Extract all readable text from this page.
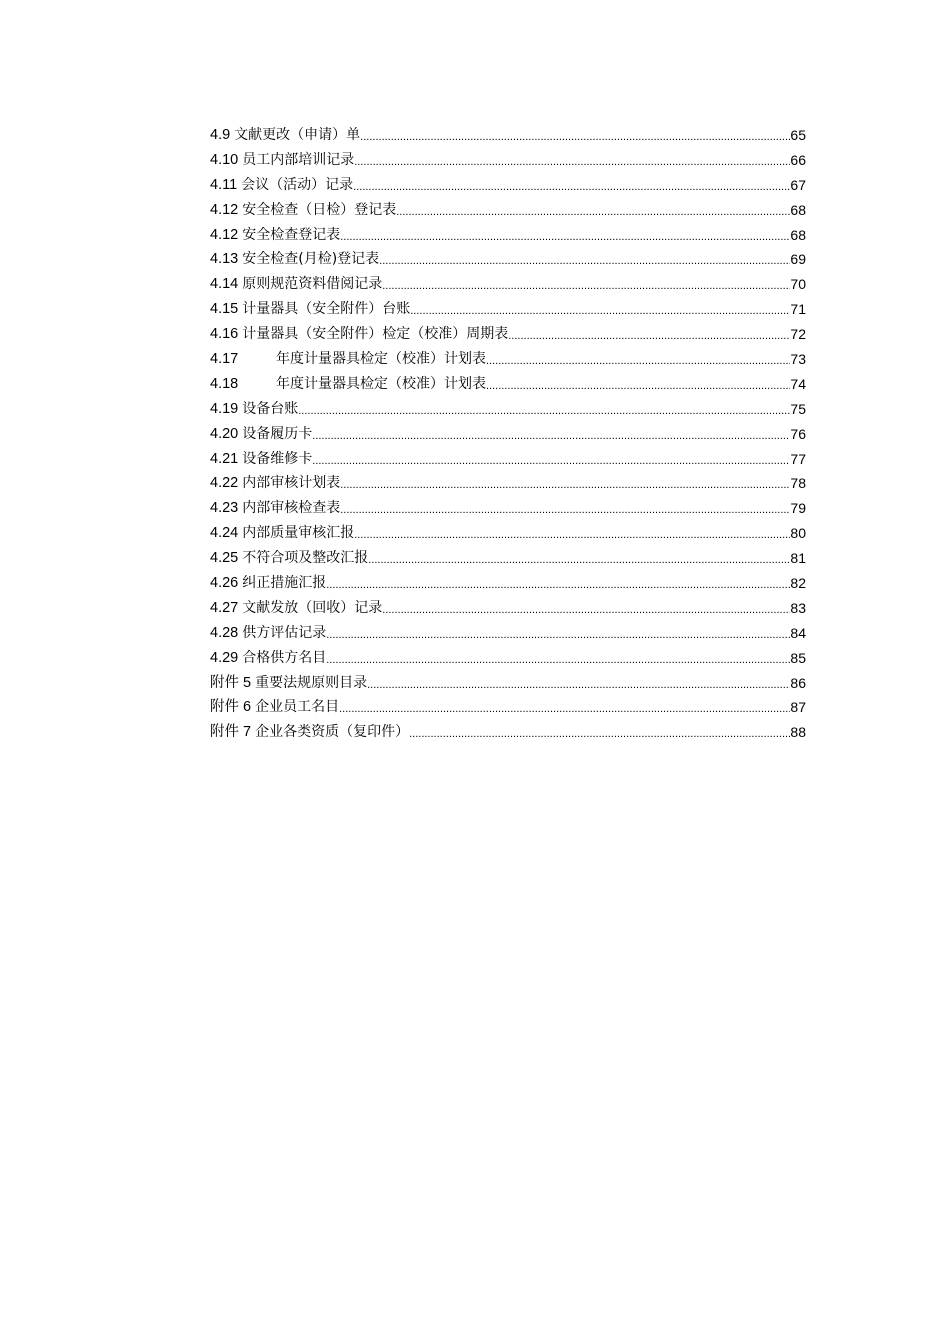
4.9 文献更改（申请）单 .....	65
4.10 员工内部培训记录 .....	66
4.11 会议（活动）记录 .....	67
4.12 安全检查（日检）登记表 .....	68
4.12 安全检查登记表 .....	68
4.13 安全检查(月检)登记表 .....	69
4.14 原则规范资料借阅记录 .....	70
4.15 计量器具（安全附件）台账 .....	71
4.16 计量器具（安全附件）检定（校准）周期表 .....	72
4.17	年度计量器具检定（校准）计划表 .....	73
4.18	年度计量器具检定（校准）计划表 .....	74
4.19 设备台账 .....	75
4.20 设备履历卡 .....	76
4.21 设备维修卡 .....	77
4.22 内部审核计划表 .....	78
4.23 内部审核检查表 .....	79
4.24 内部质量审核汇报 .....	80
4.25 不符合项及整改汇报 .....	81
4.26 纠正措施汇报 .....	82
4.27 文献发放（回收）记录 .....	83
4.28 供方评估记录 .....	84
4.29 合格供方名目 .....	85
附件 5 重要法规原则目录 .....	86
附件 6 企业员工名目 .....	87
附件 7 企业各类资质（复印件） .....	88
